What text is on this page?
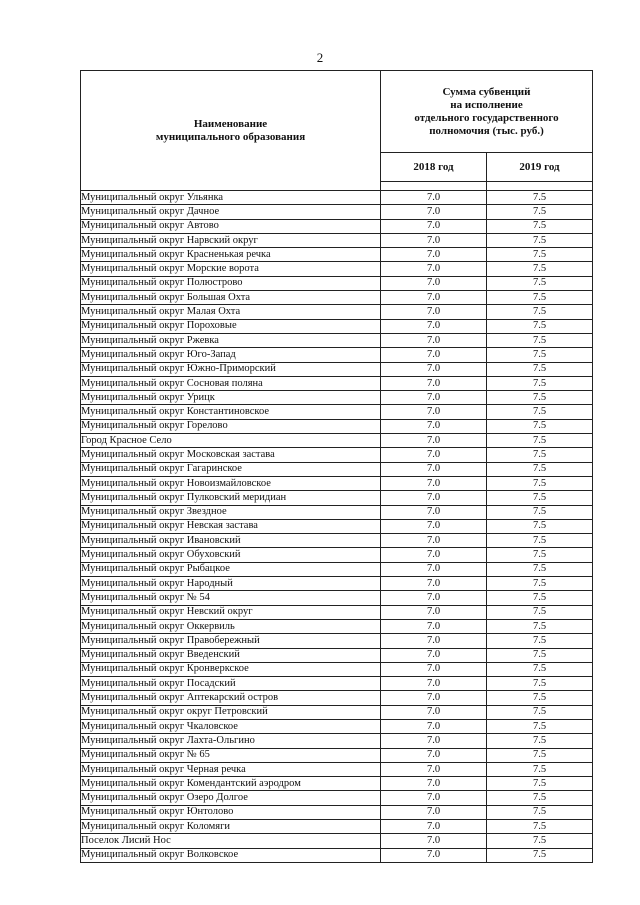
2
Наименование
муниципального образования	Сумма субвенций
на исполнение
отдельного государственного
полномочия (тыс. руб.)	

	2018 год	2019 год

Муниципальный округ Ульянка	7.0	7.5
Муниципальный округ Дачное	7.0	7.5
Муниципальный округ Автово	7.0	7.5
Муниципальный округ Нарвский округ	7.0	7.5
Муниципальный округ Красненькая речка	7.0	7.5
Муниципальный округ Морские ворота	7.0	7.5
Муниципальный округ Полюстрово	7.0	7.5
Муниципальный округ Большая Охта	7.0	7.5
Муниципальный округ Малая Охта	7.0	7.5
Муниципальный округ Пороховые	7.0	7.5
Муниципальный округ Ржевка	7.0	7.5
Муниципальный округ Юго-Запад	7.0	7.5
Муниципальный округ Южно-Приморский	7.0	7.5
Муниципальный округ Сосновая поляна	7.0	7.5
Муниципальный округ Урицк	7.0	7.5
Муниципальный округ Константиновское	7.0	7.5
Муниципальный округ Горелово	7.0	7.5
Город Красное Село	7.0	7.5
Муниципальный округ Московская застава	7.0	7.5
Муниципальный округ Гагаринское	7.0	7.5
Муниципальный округ Новоизмайловское	7.0	7.5
Муниципальный округ Пулковский меридиан	7.0	7.5
Муниципальный округ Звездное	7.0	7.5
Муниципальный округ Невская застава	7.0	7.5
Муниципальный округ Ивановский	7.0	7.5
Муниципальный округ Обуховский	7.0	7.5
Муниципальный округ Рыбацкое	7.0	7.5
Муниципальный округ Народный	7.0	7.5
Муниципальный округ № 54	7.0	7.5
Муниципальный округ Невский округ	7.0	7.5
Муниципальный округ Оккервиль	7.0	7.5
Муниципальный округ Правобережный	7.0	7.5
Муниципальный округ Введенский	7.0	7.5
Муниципальный округ Кронверкское	7.0	7.5
Муниципальный округ Посадский	7.0	7.5
Муниципальный округ Аптекарский остров	7.0	7.5
Муниципальный округ округ Петровский	7.0	7.5
Муниципальный округ Чкаловское	7.0	7.5
Муниципальный округ Лахта-Ольгино	7.0	7.5
Муниципальный округ № 65	7.0	7.5
Муниципальный округ Черная речка	7.0	7.5
Муниципальный округ Комендантский аэродром	7.0	7.5
Муниципальный округ Озеро Долгое	7.0	7.5
Муниципальный округ Юнтолово	7.0	7.5
Муниципальный округ Коломяги	7.0	7.5
Поселок Лисий Нос	7.0	7.5
Муниципальный округ Волковское	7.0	7.5
